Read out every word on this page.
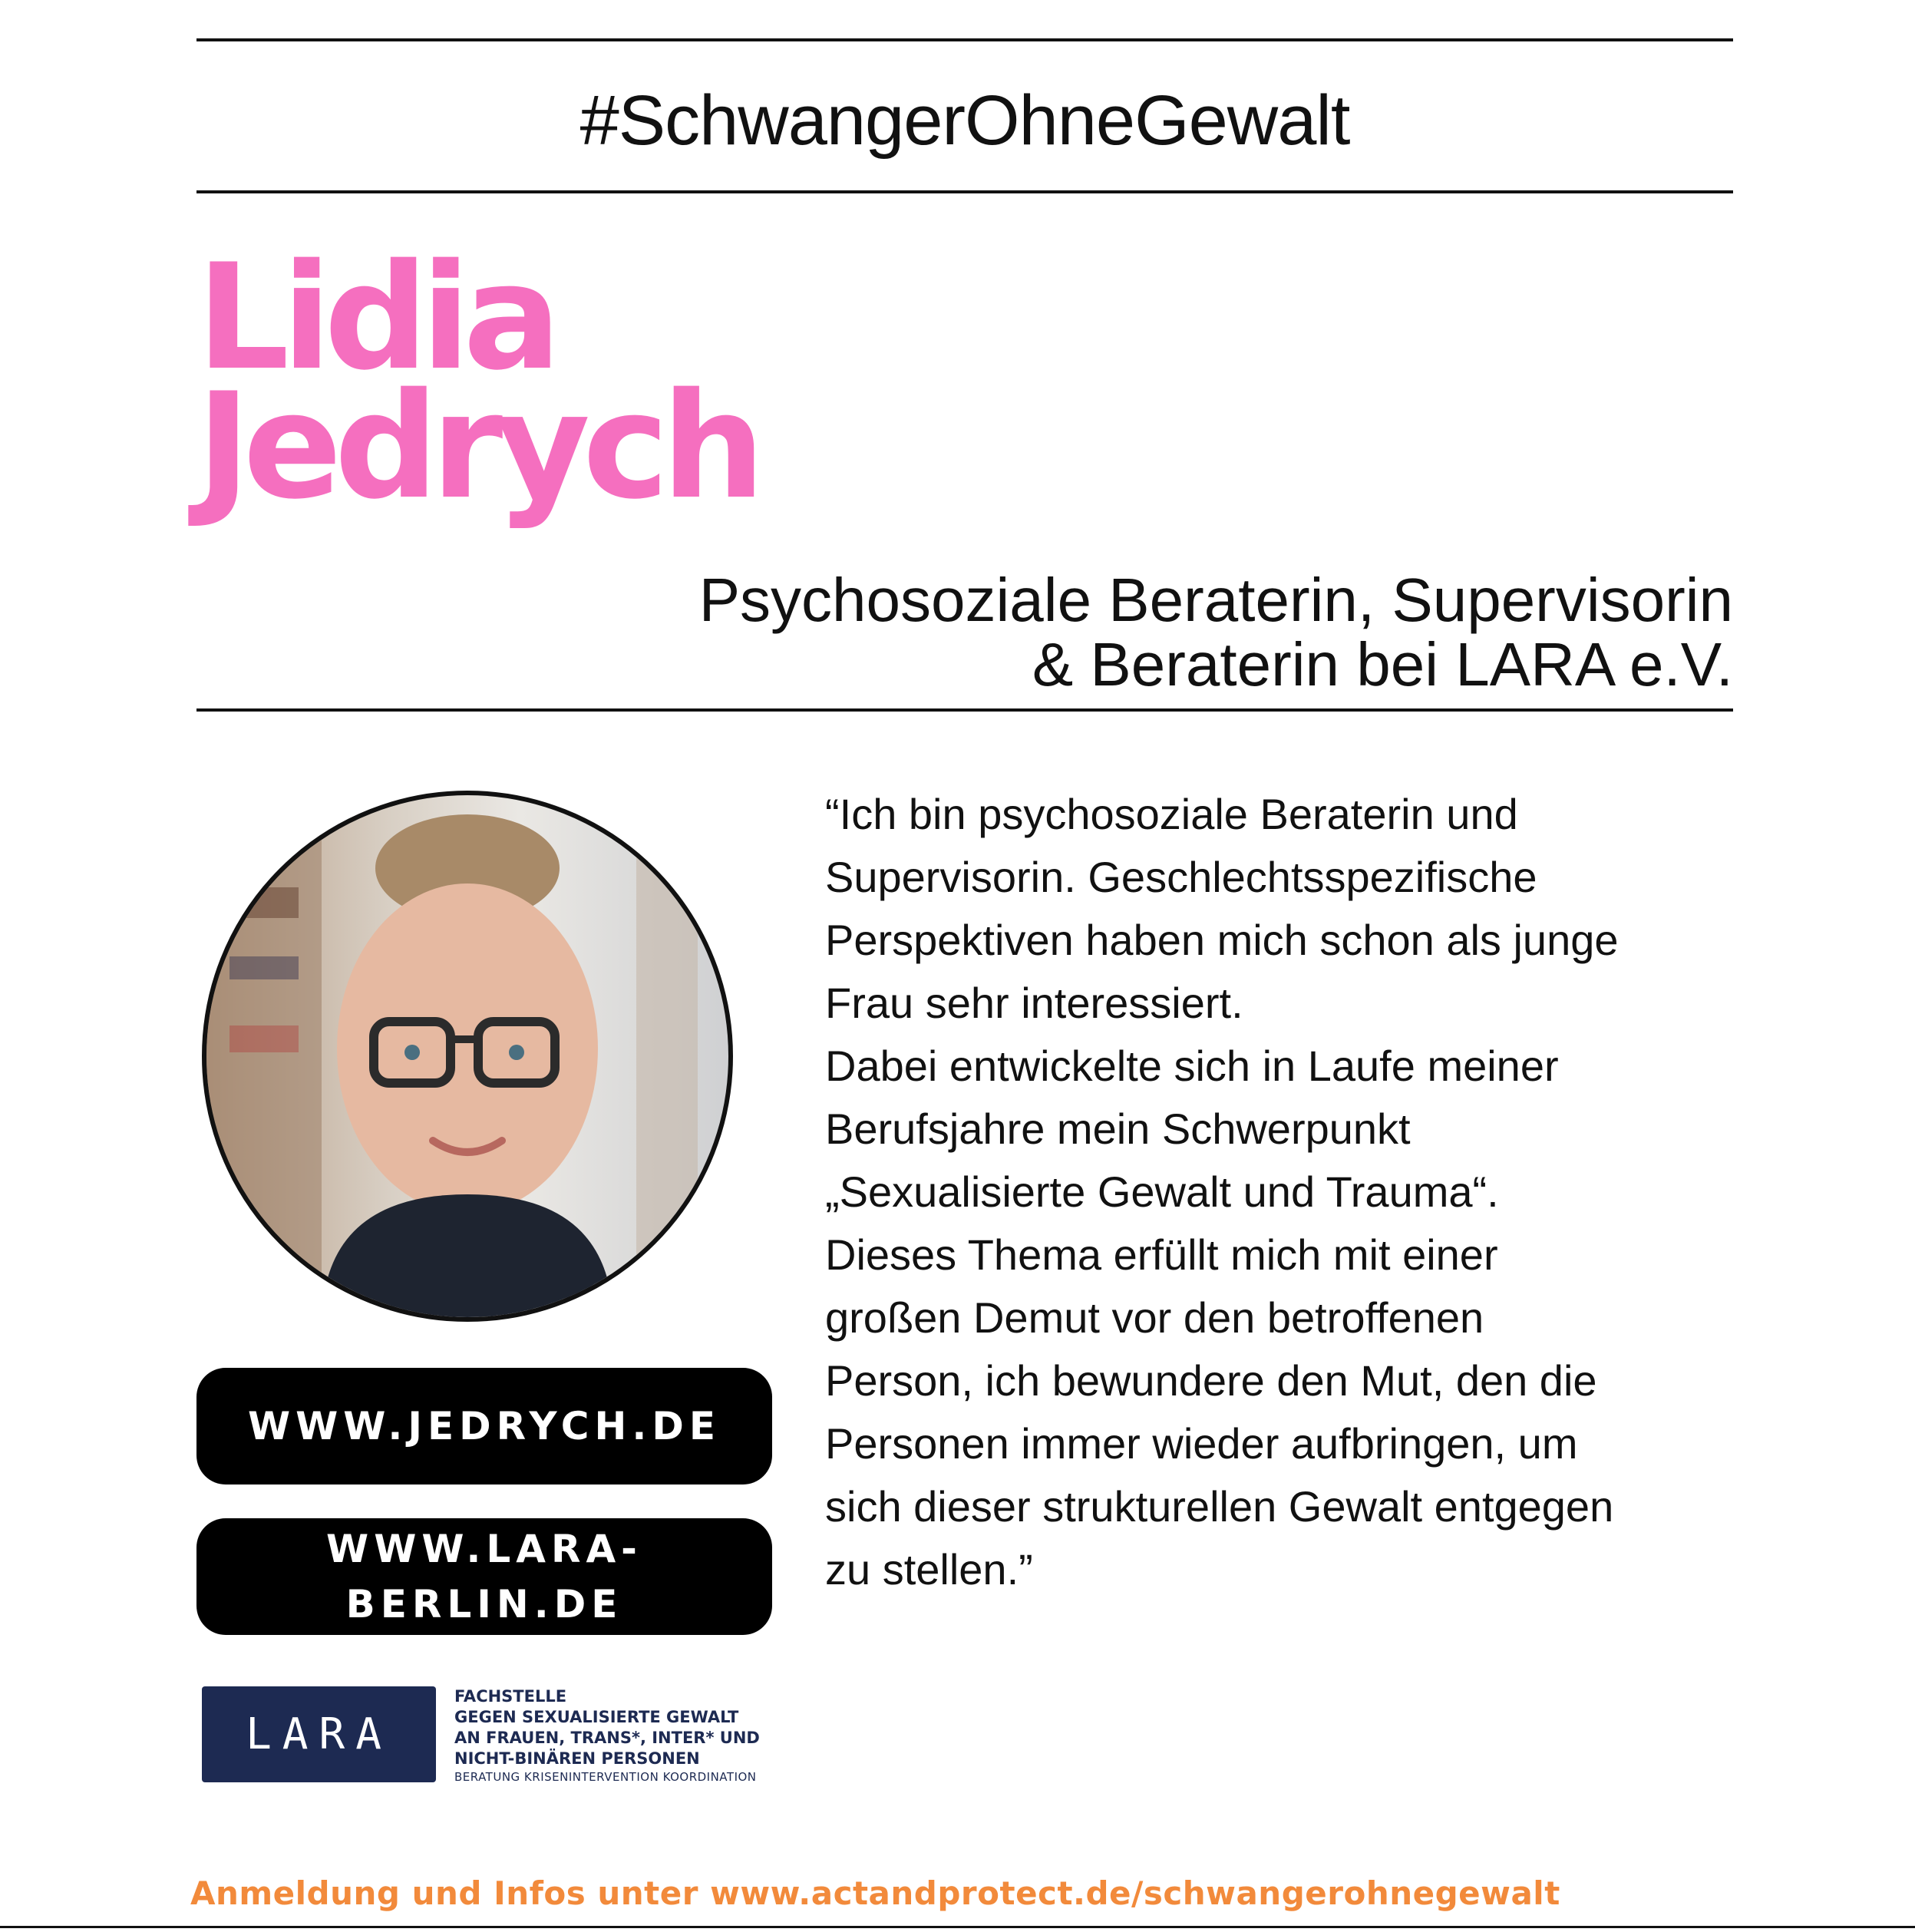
#SchwangerOhneGewalt
Lidia
Jedrych
Psychosoziale Beraterin, Supervisorin
& Beraterin bei LARA e.V.
WWW.JEDRYCH.DE
WWW.LARA-
BERLIN.DE
LARA
FACHSTELLE
GEGEN SEXUALISIERTE GEWALT
AN FRAUEN, TRANS*, INTER* UND
NICHT-BINÄREN PERSONEN
BERATUNG KRISENINTERVENTION KOORDINATION
“Ich bin psychosoziale Beraterin und
Supervisorin. Geschlechtsspezifische
Perspektiven haben mich schon als junge
Frau sehr interessiert.
Dabei entwickelte sich in Laufe meiner
Berufsjahre mein Schwerpunkt
„Sexualisierte Gewalt und Trauma“.
Dieses Thema erfüllt mich mit einer
großen Demut vor den betroffenen
Person, ich bewundere den Mut, den die
Personen immer wieder aufbringen, um
sich dieser strukturellen Gewalt entgegen
zu stellen.”
Anmeldung und Infos unter www.actandprotect.de/schwangerohnegewalt
